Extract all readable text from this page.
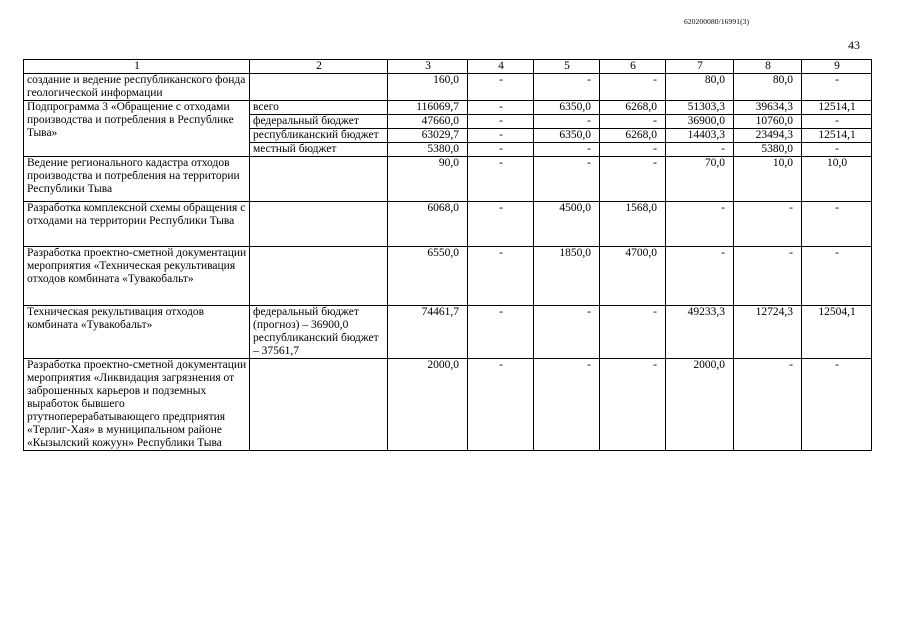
620200080/16991(3)
43
1	2	3	4	5	6	7	8	9
создание и ведение республиканского фонда геологической информации		160,0	-	-	-	80,0	80,0	-
Подпрограмма 3 «Обращение с отходами производства и потребления в Республике Тыва»	всего	116069,7	-	6350,0	6268,0	51303,3	39634,3	12514,1
	федеральный бюджет	47660,0	-	-	-	36900,0	10760,0	-
	республиканский бюджет	63029,7	-	6350,0	6268,0	14403,3	23494,3	12514,1
	местный бюджет	5380,0	-	-	-	-	5380,0	-
Ведение регионального кадастра отходов производства и потребления на территории Республики Тыва		90,0	-	-	-	70,0	10,0	10,0
Разработка комплексной схемы обращения с отходами на территории Республики Тыва		6068,0	-	4500,0	1568,0	-	-	-
Разработка проектно-сметной документации мероприятия «Техническая рекультивация отходов комбината «Тувакобальт»		6550,0	-	1850,0	4700,0	-	-	-
Техническая рекультивация отходов комбината «Тувакобальт»	федеральный бюджет (прогноз) – 36900,0 республиканский бюджет – 37561,7	74461,7	-	-	-	49233,3	12724,3	12504,1
Разработка проектно-сметной документации мероприятия «Ликвидация загрязнения от заброшенных карьеров и подземных выработок бывшего ртутноперерабатывающего предприятия «Терлиг-Хая» в муниципальном районе «Кызылский кожуун» Республики Тыва		2000,0	-	-	-	2000,0	-	-
